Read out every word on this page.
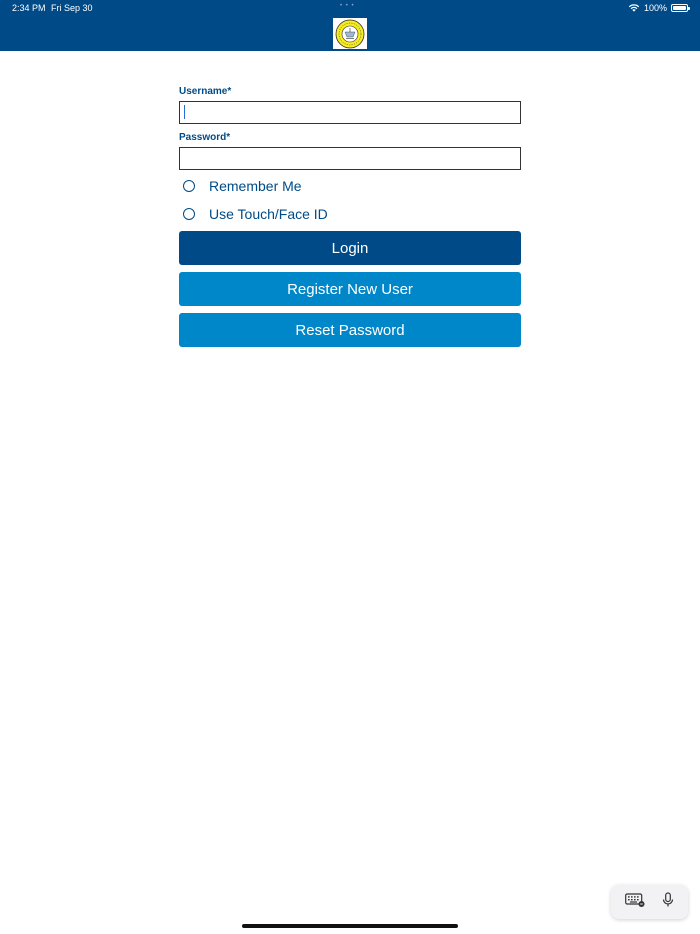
2:34 PM Fri Sep 30	• • •	100%
Username*
Password*
Remember Me
Use Touch/Face ID
Login
Register New User
Reset Password
